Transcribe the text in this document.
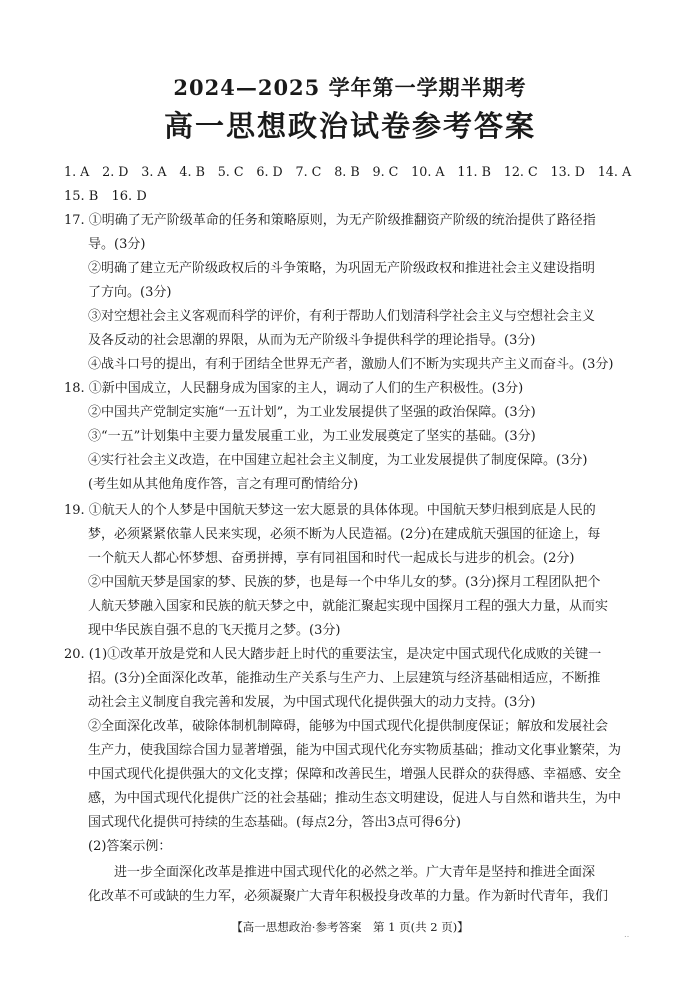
2024—2025 学年第一学期半期考
高一思想政治试卷参考答案
1. A 2. D 3. A 4. B 5. C 6. D 7. C 8. B 9. C 10. A 11. B 12. C 13. D 14. A
15. B 16. D
17. ①明确了无产阶级革命的任务和策略原则，为无产阶级推翻资产阶级的统治提供了路径指
导。(3分)
②明确了建立无产阶级政权后的斗争策略，为巩固无产阶级政权和推进社会主义建设指明
了方向。(3分)
③对空想社会主义客观而科学的评价，有利于帮助人们划清科学社会主义与空想社会主义
及各反动的社会思潮的界限，从而为无产阶级斗争提供科学的理论指导。(3分)
④战斗口号的提出，有利于团结全世界无产者，激励人们不断为实现共产主义而奋斗。(3分)
18. ①新中国成立，人民翻身成为国家的主人，调动了人们的生产积极性。(3分)
②中国共产党制定实施“一五计划”，为工业发展提供了坚强的政治保障。(3分)
③“一五”计划集中主要力量发展重工业，为工业发展奠定了坚实的基础。(3分)
④实行社会主义改造，在中国建立起社会主义制度，为工业发展提供了制度保障。(3分)
(考生如从其他角度作答，言之有理可酌情给分)
19. ①航天人的个人梦是中国航天梦这一宏大愿景的具体体现。中国航天梦归根到底是人民的
梦，必须紧紧依靠人民来实现，必须不断为人民造福。(2分)在建成航天强国的征途上，每
一个航天人都心怀梦想、奋勇拼搏，享有同祖国和时代一起成长与进步的机会。(2分)
②中国航天梦是国家的梦、民族的梦，也是每一个中华儿女的梦。(3分)探月工程团队把个
人航天梦融入国家和民族的航天梦之中，就能汇聚起实现中国探月工程的强大力量，从而实
现中华民族自强不息的飞天揽月之梦。(3分)
20. (1)①改革开放是党和人民大踏步赶上时代的重要法宝，是决定中国式现代化成败的关键一
招。(3分)全面深化改革，能推动生产关系与生产力、上层建筑与经济基础相适应，不断推
动社会主义制度自我完善和发展，为中国式现代化提供强大的动力支持。(3分)
②全面深化改革，破除体制机制障碍，能够为中国式现代化提供制度保证；解放和发展社会
生产力，使我国综合国力显著增强，能为中国式现代化夯实物质基础；推动文化事业繁荣，为
中国式现代化提供强大的文化支撑；保障和改善民生，增强人民群众的获得感、幸福感、安全
感，为中国式现代化提供广泛的社会基础；推动生态文明建设，促进人与自然和谐共生，为中
国式现代化提供可持续的生态基础。(每点2分，答出3点可得6分)
(2)答案示例：
进一步全面深化改革是推进中国式现代化的必然之举。广大青年是坚持和推进全面深
化改革不可或缺的生力军，必须凝聚广大青年积极投身改革的力量。作为新时代青年，我们
【高一思想政治·参考答案　第 1 页(共 2 页)】
‥
